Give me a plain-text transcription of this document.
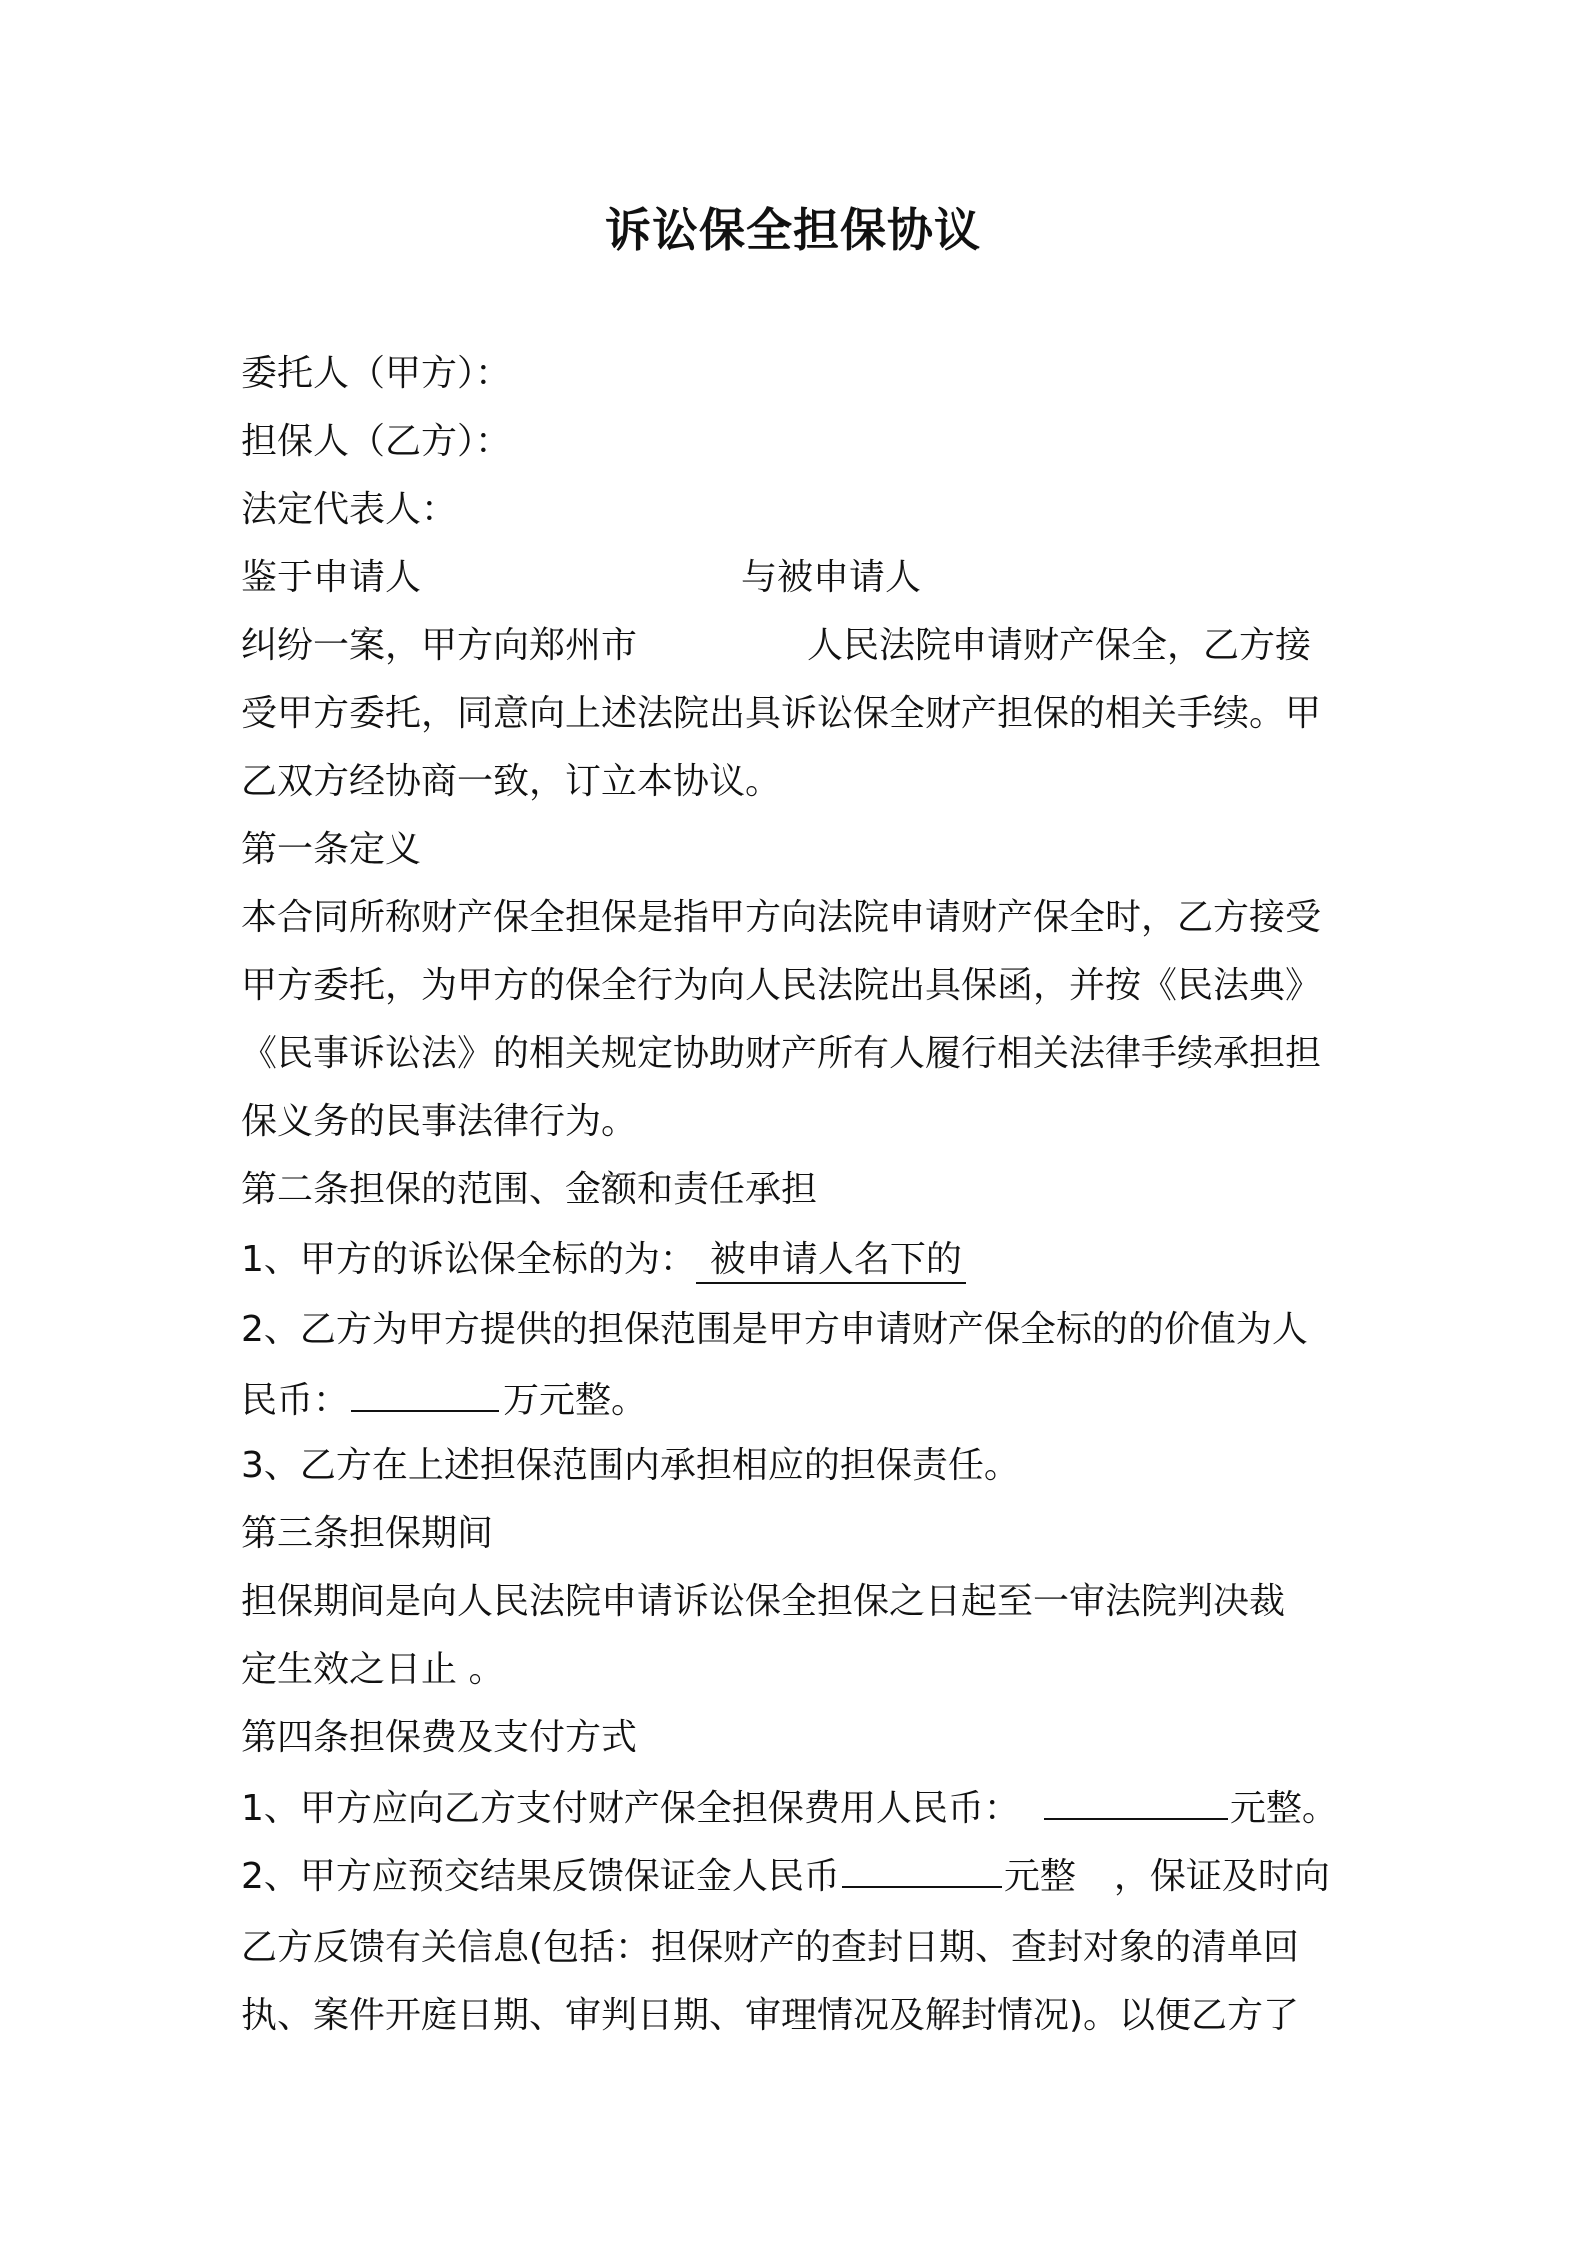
诉讼保全担保协议
委托人（甲方）：
担保人（乙方）：
法定代表人：
鉴于申请人	与被申请人
纠纷一案，甲方向郑州市	人民法院申请财产保全，乙方接
受甲方委托，同意向上述法院出具诉讼保全财产担保的相关手续。甲
乙双方经协商一致，订立本协议。
第一条定义
本合同所称财产保全担保是指甲方向法院申请财产保全时，乙方接受
甲方委托，为甲方的保全行为向人民法院出具保函，并按《民法典》
《民事诉讼法》的相关规定协助财产所有人履行相关法律手续承担担
保义务的民事法律行为。
第二条担保的范围、金额和责任承担
1、甲方的诉讼保全标的为： 被申请人名下的
2、乙方为甲方提供的担保范围是甲方申请财产保全标的的价值为人
民币：	万元整。
3、乙方在上述担保范围内承担相应的担保责任。
第三条担保期间
担保期间是向人民法院申请诉讼保全担保之日起至一审法院判决裁
定生效之日止 。
第四条担保费及支付方式
1、甲方应向乙方支付财产保全担保费用人民币：	元整。
2、甲方应预交结果反馈保证金人民币	元整 ，保证及时向
乙方反馈有关信息(包括：担保财产的查封日期、查封对象的清单回
执、案件开庭日期、审判日期、审理情况及解封情况)。以便乙方了
